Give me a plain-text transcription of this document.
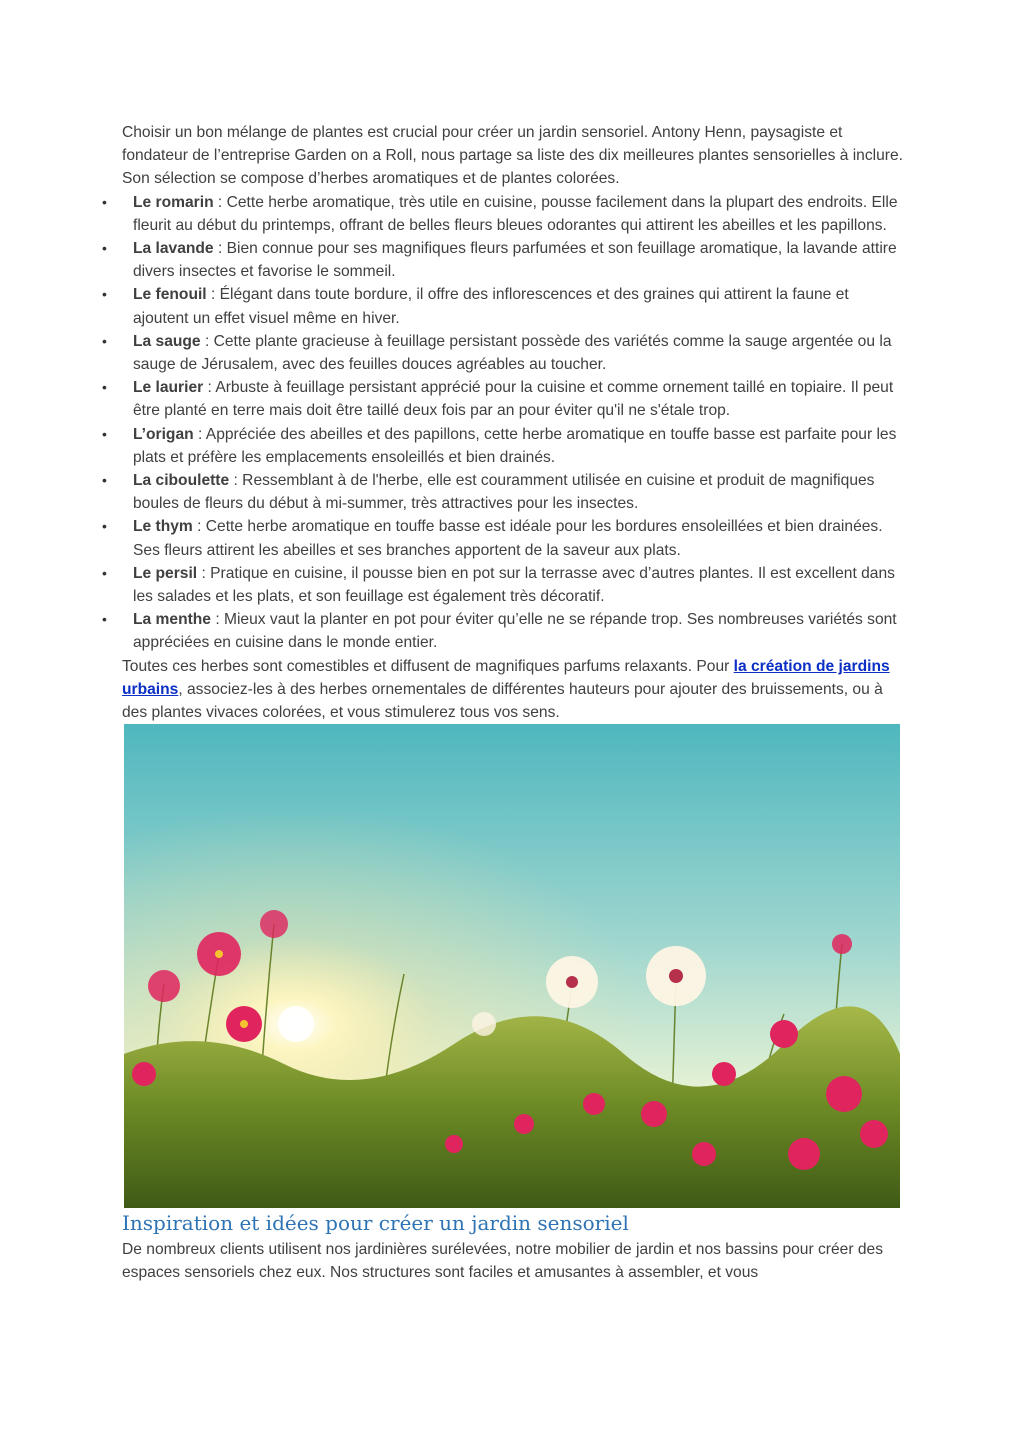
Choisir un bon mélange de plantes est crucial pour créer un jardin sensoriel. Antony Henn, paysagiste et fondateur de l’entreprise Garden on a Roll, nous partage sa liste des dix meilleures plantes sensorielles à inclure. Son sélection se compose d’herbes aromatiques et de plantes colorées.

• Le romarin : Cette herbe aromatique, très utile en cuisine, pousse facilement dans la plupart des endroits. Elle fleurit au début du printemps, offrant de belles fleurs bleues odorantes qui attirent les abeilles et les papillons.
• La lavande : Bien connue pour ses magnifiques fleurs parfumées et son feuillage aromatique, la lavande attire divers insectes et favorise le sommeil.
• Le fenouil : Élégant dans toute bordure, il offre des inflorescences et des graines qui attirent la faune et ajoutent un effet visuel même en hiver.
• La sauge : Cette plante gracieuse à feuillage persistant possède des variétés comme la sauge argentée ou la sauge de Jérusalem, avec des feuilles douces agréables au toucher.
• Le laurier : Arbuste à feuillage persistant apprécié pour la cuisine et comme ornement taillé en topiaire. Il peut être planté en terre mais doit être taillé deux fois par an pour éviter qu'il ne s'étale trop.
• L’origan : Appréciée des abeilles et des papillons, cette herbe aromatique en touffe basse est parfaite pour les plats et préfère les emplacements ensoleillés et bien drainés.
• La ciboulette : Ressemblant à de l'herbe, elle est couramment utilisée en cuisine et produit de magnifiques boules de fleurs du début à mi-summer, très attractives pour les insectes.
• Le thym : Cette herbe aromatique en touffe basse est idéale pour les bordures ensoleillées et bien drainées. Ses fleurs attirent les abeilles et ses branches apportent de la saveur aux plats.
• Le persil : Pratique en cuisine, il pousse bien en pot sur la terrasse avec d’autres plantes. Il est excellent dans les salades et les plats, et son feuillage est également très décoratif.
• La menthe : Mieux vaut la planter en pot pour éviter qu’elle ne se répande trop. Ses nombreuses variétés sont appréciées en cuisine dans le monde entier.

Toutes ces herbes sont comestibles et diffusent de magnifiques parfums relaxants. Pour la création de jardins urbains, associez-les à des herbes ornementales de différentes hauteurs pour ajouter des bruissements, ou à des plantes vivaces colorées, et vous stimulerez tous vos sens.

Inspiration et idées pour créer un jardin sensoriel

De nombreux clients utilisent nos jardinières surélevées, notre mobilier de jardin et nos bassins pour créer des espaces sensoriels chez eux. Nos structures sont faciles et amusantes à assembler, et vous
